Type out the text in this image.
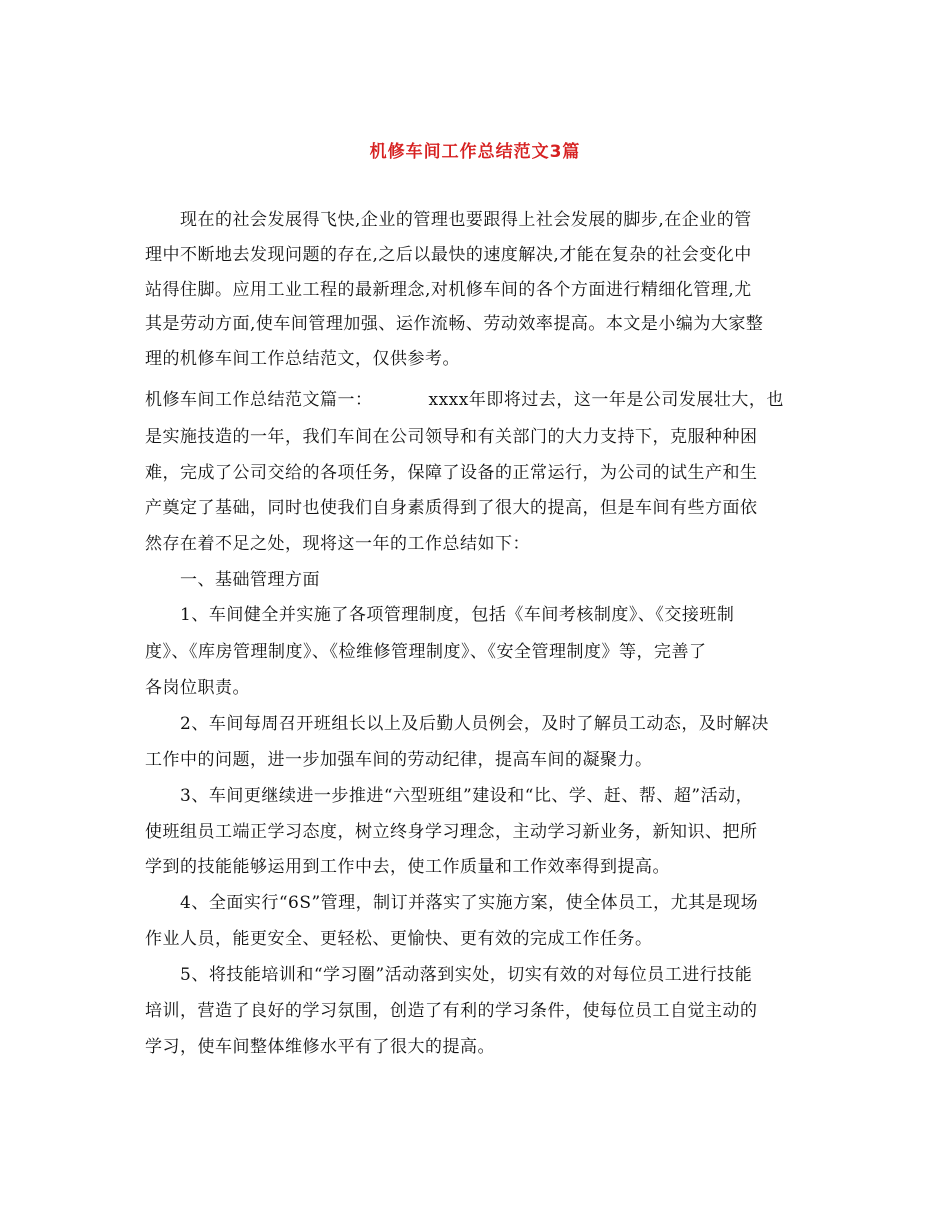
机修车间工作总结范文3篇
现在的社会发展得飞快,企业的管理也要跟得上社会发展的脚步,在企业的管
理中不断地去发现问题的存在,之后以最快的速度解决,才能在复杂的社会变化中
站得住脚。应用工业工程的最新理念,对机修车间的各个方面进行精细化管理,尤
其是劳动方面,使车间管理加强、运作流畅、劳动效率提高。本文是小编为大家整
理的机修车间工作总结范文，仅供参考。
机修车间工作总结范文篇一：	xxxx年即将过去，这一年是公司发展壮大，也
是实施技造的一年，我们车间在公司领导和有关部门的大力支持下，克服种种困
难，完成了公司交给的各项任务，保障了设备的正常运行，为公司的试生产和生
产奠定了基础，同时也使我们自身素质得到了很大的提高，但是车间有些方面依
然存在着不足之处，现将这一年的工作总结如下：
一、基础管理方面
1、车间健全并实施了各项管理制度，包括《车间考核制度》、《交接班制
度》、《库房管理制度》、《检维修管理制度》、《安全管理制度》等，完善了
各岗位职责。
2、车间每周召开班组长以上及后勤人员例会，及时了解员工动态，及时解决
工作中的问题，进一步加强车间的劳动纪律，提高车间的凝聚力。
3、车间更继续进一步推进“六型班组”建设和“比、学、赶、帮、超”活动，
使班组员工端正学习态度，树立终身学习理念，主动学习新业务，新知识、把所
学到的技能能够运用到工作中去，使工作质量和工作效率得到提高。
4、全面实行“6S”管理，制订并落实了实施方案，使全体员工，尤其是现场
作业人员，能更安全、更轻松、更愉快、更有效的完成工作任务。
5、将技能培训和“学习圈”活动落到实处，切实有效的对每位员工进行技能
培训，营造了良好的学习氛围，创造了有利的学习条件，使每位员工自觉主动的
学习，使车间整体维修水平有了很大的提高。
